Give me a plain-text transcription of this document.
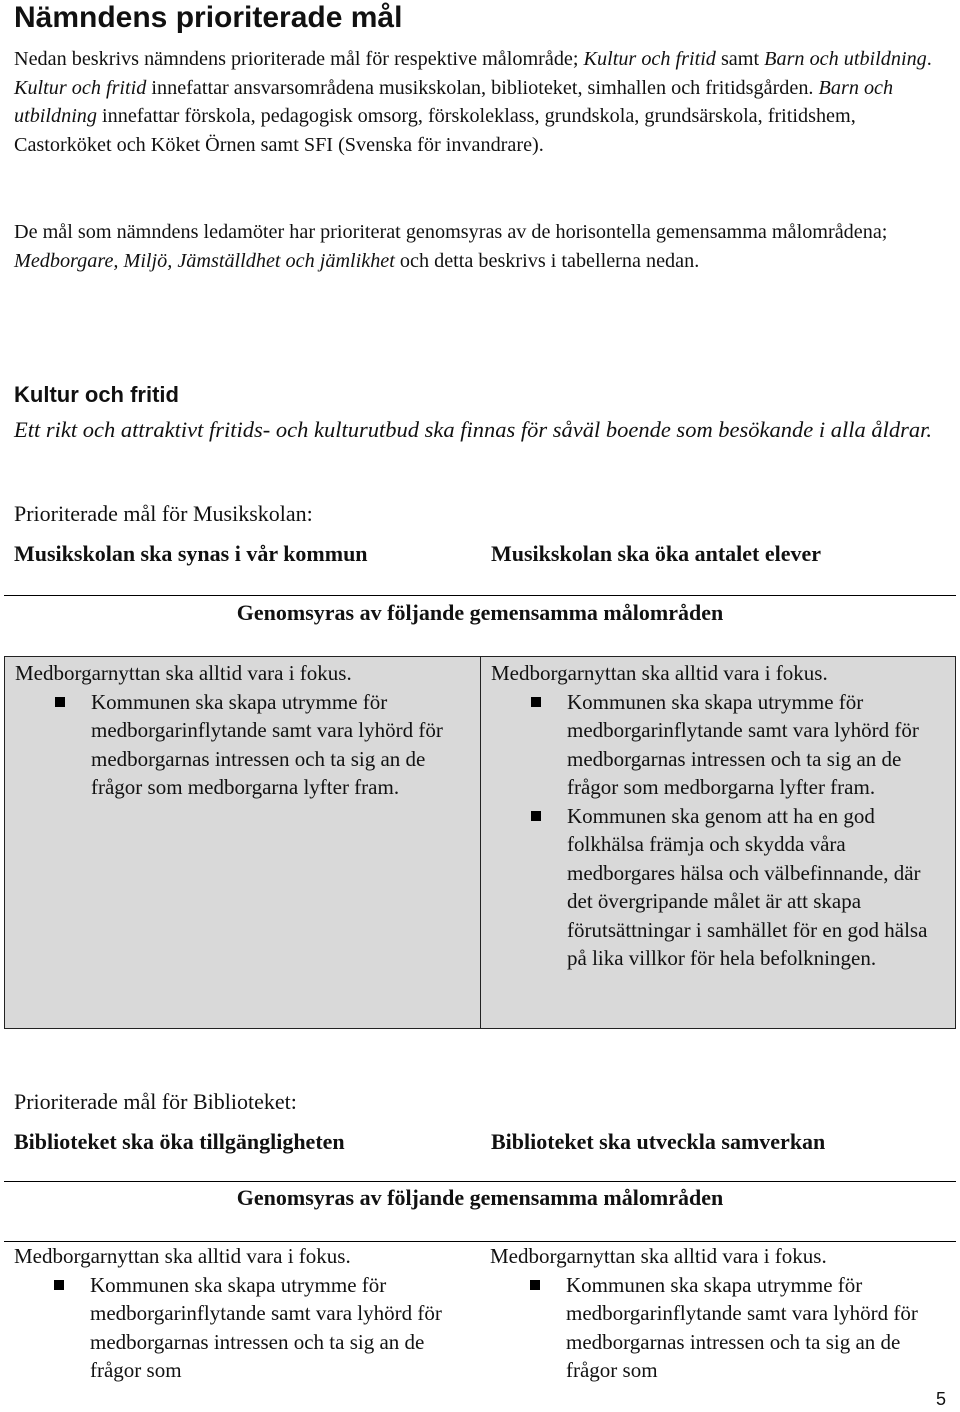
Nämndens prioriterade mål

Nedan beskrivs nämndens prioriterade mål för respektive målområde; Kultur och fritid samt Barn och utbildning. Kultur och fritid innefattar ansvarsområdena musikskolan, biblioteket, simhallen och fritidsgården. Barn och utbildning innefattar förskola, pedagogisk omsorg, förskoleklass, grundskola, grundsärskola, fritidshem, Castorköket och Köket Örnen samt SFI (Svenska för invandrare).

De mål som nämndens ledamöter har prioriterat genomsyras av de horisontella gemensamma målområdena; Medborgare, Miljö, Jämställdhet och jämlikhet och detta beskrivs i tabellerna nedan.

Kultur och fritid

Ett rikt och attraktivt fritids- och kulturutbud ska finnas för såväl boende som besökande i alla åldrar.

Prioriterade mål för Musikskolan:
Musikskolan ska synas i vår kommun	Musikskolan ska öka antalet elever
Genomsyras av följande gemensamma målområden
Medborgarnyttan ska alltid vara i fokus.
Kommunen ska skapa utrymme för medborgarinflytande samt vara lyhörd för medborgarnas intressen och ta sig an de frågor som medborgarna lyfter fram.
Medborgarnyttan ska alltid vara i fokus.
Kommunen ska skapa utrymme för medborgarinflytande samt vara lyhörd för medborgarnas intressen och ta sig an de frågor som medborgarna lyfter fram.
Kommunen ska genom att ha en god folkhälsa främja och skydda våra medborgares hälsa och välbefinnande, där det övergripande målet är att skapa förutsättningar i samhället för en god hälsa på lika villkor för hela befolkningen.
Prioriterade mål för Biblioteket:
Biblioteket ska öka tillgängligheten	Biblioteket ska utveckla samverkan
Genomsyras av följande gemensamma målområden
Medborgarnyttan ska alltid vara i fokus.
Kommunen ska skapa utrymme för medborgarinflytande samt vara lyhörd för medborgarnas intressen och ta sig an de frågor som
Medborgarnyttan ska alltid vara i fokus.
Kommunen ska skapa utrymme för medborgarinflytande samt vara lyhörd för medborgarnas intressen och ta sig an de frågor som
5
